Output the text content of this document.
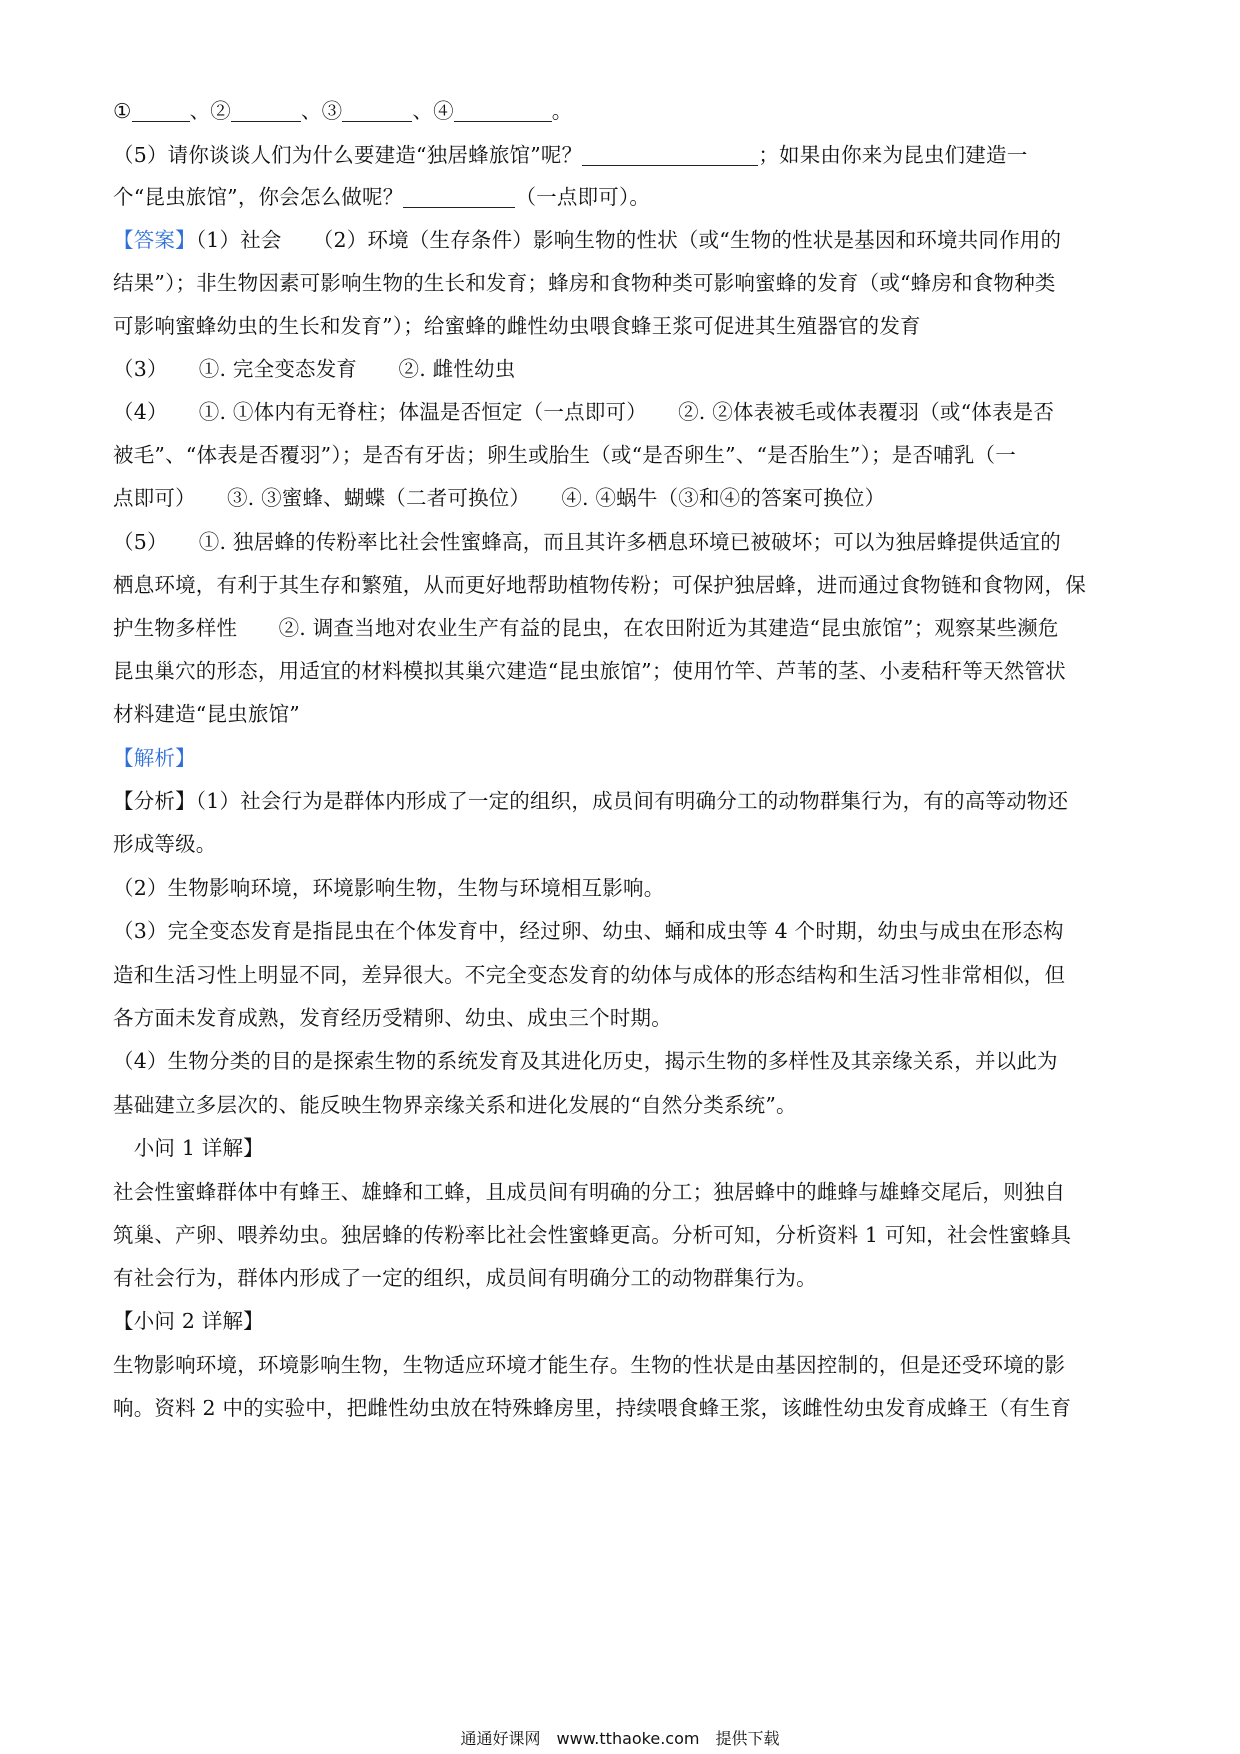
①	、②	、③	、④	。
（5）请你谈谈人们为什么要建造“独居蜂旅馆”呢？	；如果由你来为昆虫们建造一
个“昆虫旅馆”，你会怎么做呢？	（一点即可）。
【答案】（1）社会　　（2）环境（生存条件）影响生物的性状（或“生物的性状是基因和环境共同作用的
结果”）；非生物因素可影响生物的生长和发育；蜂房和食物种类可影响蜜蜂的发育（或“蜂房和食物种类
可影响蜜蜂幼虫的生长和发育”）；给蜜蜂的雌性幼虫喂食蜂王浆可促进其生殖器官的发育
（3）　　①. 完全变态发育　　②. 雌性幼虫
（4）　　①. ①体内有无脊柱；体温是否恒定（一点即可）　　②. ②体表被毛或体表覆羽（或“体表是否
被毛”、“体表是否覆羽”）；是否有牙齿；卵生或胎生（或“是否卵生”、“是否胎生”）；是否哺乳（一
点即可）　　③. ③蜜蜂、蝴蝶（二者可换位）　　④. ④蜗牛（③和④的答案可换位）
（5）　　①. 独居蜂的传粉率比社会性蜜蜂高，而且其许多栖息环境已被破坏；可以为独居蜂提供适宜的
栖息环境，有利于其生存和繁殖，从而更好地帮助植物传粉；可保护独居蜂，进而通过食物链和食物网，保
护生物多样性　　②. 调查当地对农业生产有益的昆虫，在农田附近为其建造“昆虫旅馆”；观察某些濒危
昆虫巢穴的形态，用适宜的材料模拟其巢穴建造“昆虫旅馆”；使用竹竿、芦苇的茎、小麦秸秆等天然管状
材料建造“昆虫旅馆”
【解析】
【分析】（1）社会行为是群体内形成了一定的组织，成员间有明确分工的动物群集行为，有的高等动物还
形成等级。
（2）生物影响环境，环境影响生物，生物与环境相互影响。
（3）完全变态发育是指昆虫在个体发育中，经过卵、幼虫、蛹和成虫等 4 个时期，幼虫与成虫在形态构
造和生活习性上明显不同，差异很大。不完全变态发育的幼体与成体的形态结构和生活习性非常相似，但
各方面未发育成熟，发育经历受精卵、幼虫、成虫三个时期。
（4）生物分类的目的是探索生物的系统发育及其进化历史，揭示生物的多样性及其亲缘关系，并以此为
基础建立多层次的、能反映生物界亲缘关系和进化发展的“自然分类系统”。
　小问 1 详解】
社会性蜜蜂群体中有蜂王、雄蜂和工蜂，且成员间有明确的分工；独居蜂中的雌蜂与雄蜂交尾后，则独自
筑巢、产卵、喂养幼虫。独居蜂的传粉率比社会性蜜蜂更高。分析可知，分析资料 1 可知，社会性蜜蜂具
有社会行为，群体内形成了一定的组织，成员间有明确分工的动物群集行为。
【小问 2 详解】
生物影响环境，环境影响生物，生物适应环境才能生存。生物的性状是由基因控制的，但是还受环境的影
响。资料 2 中的实验中，把雌性幼虫放在特殊蜂房里，持续喂食蜂王浆，该雌性幼虫发育成蜂王（有生育
通通好课网　www.tthaoke.com　提供下载
